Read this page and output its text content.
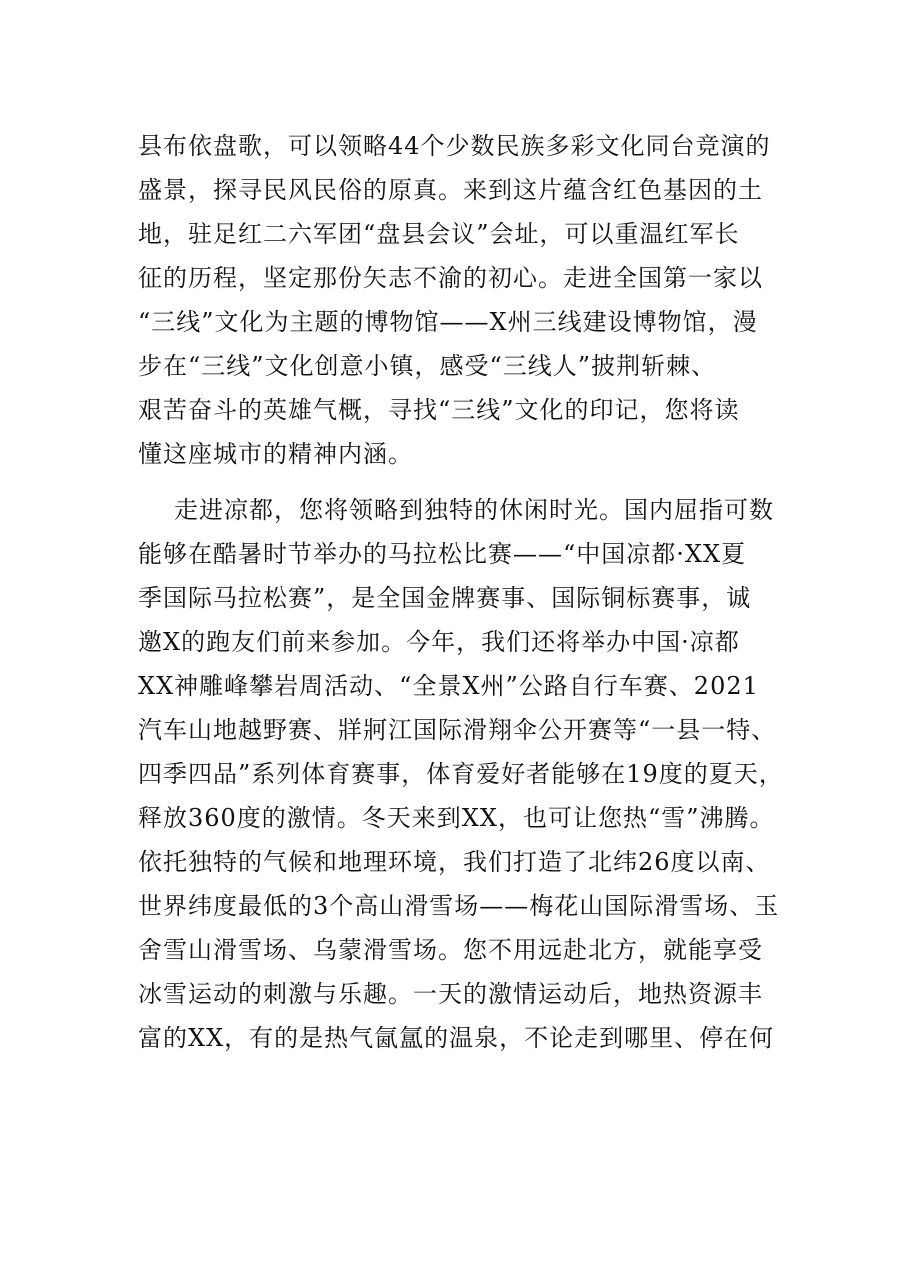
县布依盘歌，可以领略44个少数民族多彩文化同台竞演的
盛景，探寻民风民俗的原真。来到这片蕴含红色基因的土
地，驻足红二六军团“盘县会议”会址，可以重温红军长
征的历程，坚定那份矢志不渝的初心。走进全国第一家以
“三线”文化为主题的博物馆——X州三线建设博物馆，漫
步在“三线”文化创意小镇，感受“三线人”披荆斩棘、
艰苦奋斗的英雄气概，寻找“三线”文化的印记，您将读
懂这座城市的精神内涵。
走进凉都，您将领略到独特的休闲时光。国内屈指可数
能够在酷暑时节举办的马拉松比赛——“中国凉都·XX夏
季国际马拉松赛”，是全国金牌赛事、国际铜标赛事，诚
邀X的跑友们前来参加。今年，我们还将举办中国·凉都
XX神雕峰攀岩周活动、“全景X州”公路自行车赛、2021
汽车山地越野赛、牂牁江国际滑翔伞公开赛等“一县一特、
四季四品”系列体育赛事，体育爱好者能够在19度的夏天，
释放360度的激情。冬天来到XX，也可让您热“雪”沸腾。
依托独特的气候和地理环境，我们打造了北纬26度以南、
世界纬度最低的3个高山滑雪场——梅花山国际滑雪场、玉
舍雪山滑雪场、乌蒙滑雪场。您不用远赴北方，就能享受
冰雪运动的刺激与乐趣。一天的激情运动后，地热资源丰
富的XX，有的是热气氤氲的温泉，不论走到哪里、停在何
